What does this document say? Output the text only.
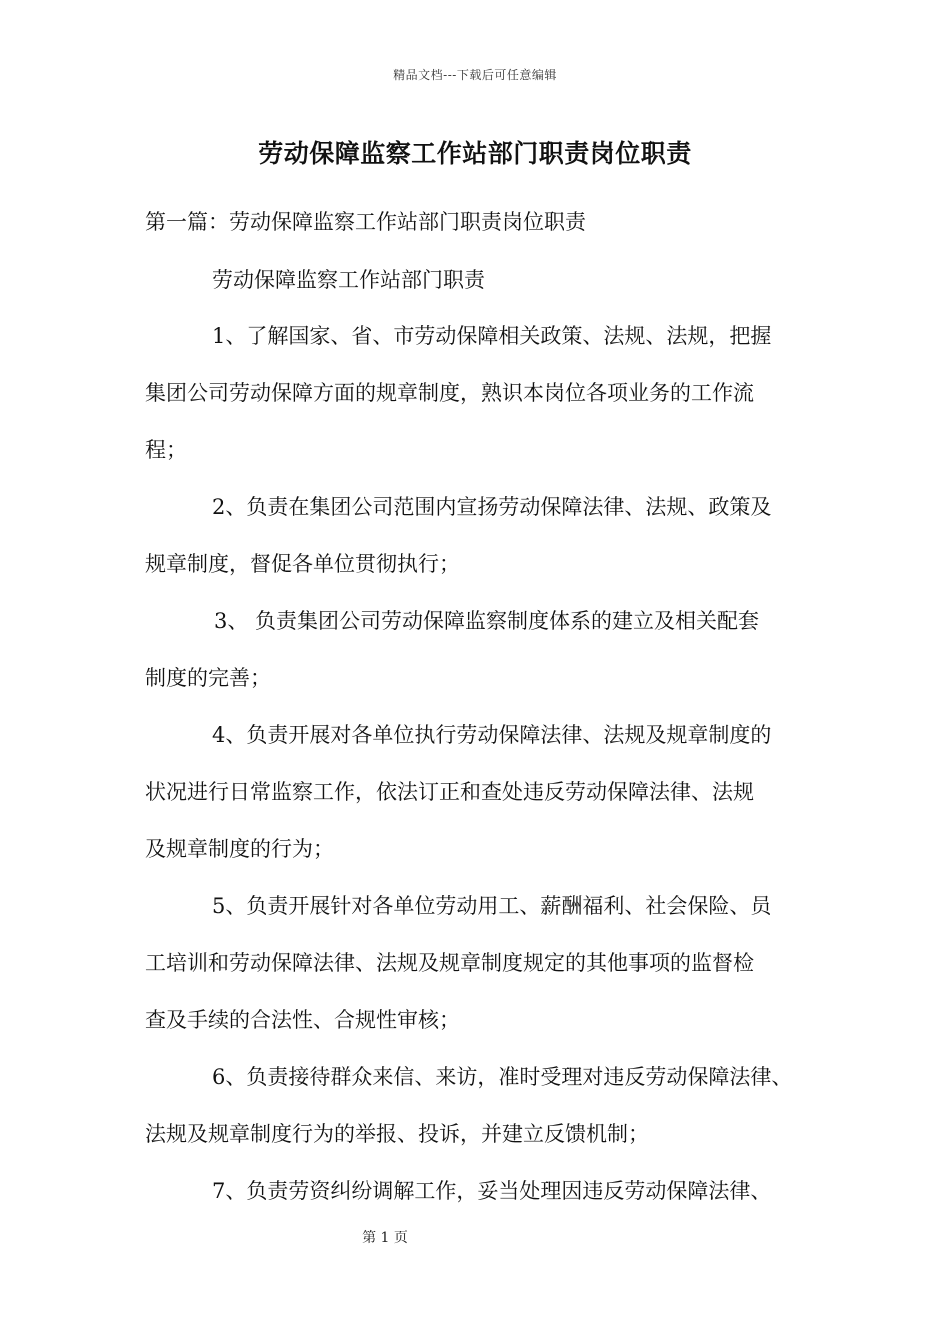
精品文档---下载后可任意编辑
劳动保障监察工作站部门职责岗位职责
第一篇：劳动保障监察工作站部门职责岗位职责
劳动保障监察工作站部门职责
1、了解国家、省、市劳动保障相关政策、法规、法规，把握
集团公司劳动保障方面的规章制度，熟识本岗位各项业务的工作流
程；
2、负责在集团公司范围内宣扬劳动保障法律、法规、政策及
规章制度，督促各单位贯彻执行；
3、 负责集团公司劳动保障监察制度体系的建立及相关配套
制度的完善；
4、负责开展对各单位执行劳动保障法律、法规及规章制度的
状况进行日常监察工作，依法订正和查处违反劳动保障法律、法规
及规章制度的行为；
5、负责开展针对各单位劳动用工、薪酬福利、社会保险、员
工培训和劳动保障法律、法规及规章制度规定的其他事项的监督检
查及手续的合法性、合规性审核；
6、负责接待群众来信、来访，准时受理对违反劳动保障法律、
法规及规章制度行为的举报、投诉，并建立反馈机制；
7、负责劳资纠纷调解工作，妥当处理因违反劳动保障法律、
第 1 页
